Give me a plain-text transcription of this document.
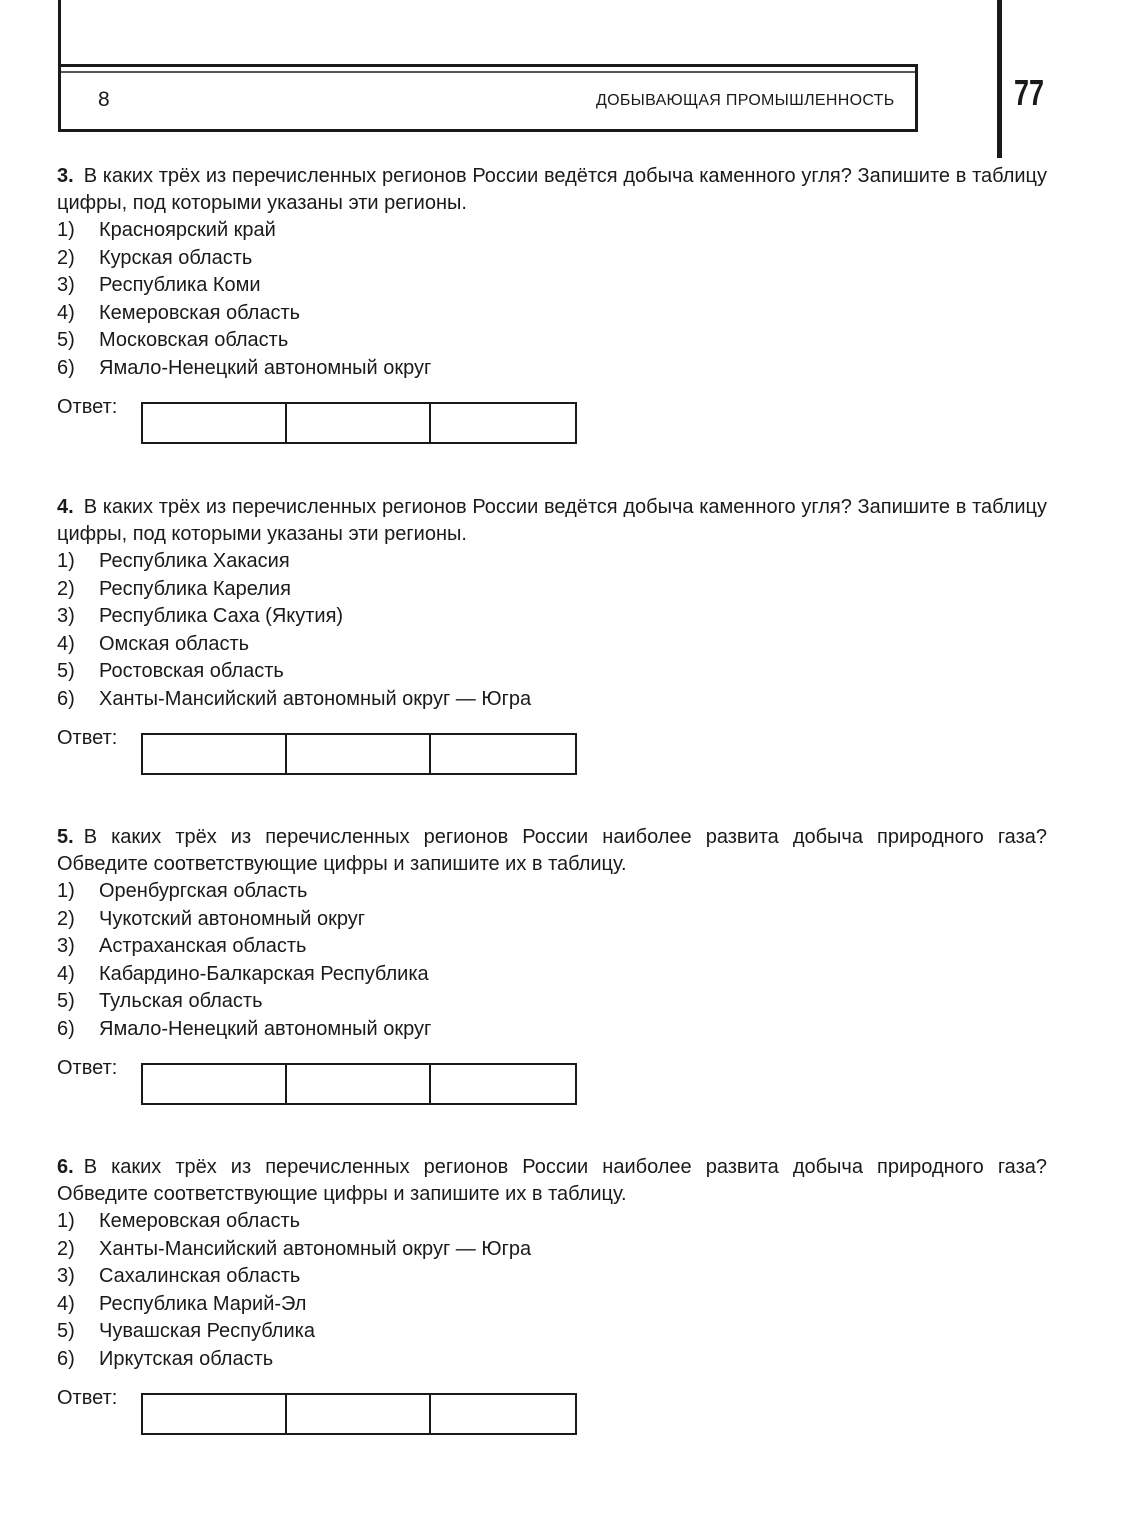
8	ДОБЫВАЮЩАЯ ПРОМЫШЛЕННОСТЬ	77

3. В каких трёх из перечисленных регионов России ведётся добыча каменного угля? Запишите в таблицу цифры, под которыми указаны эти регионы.

1)	Красноярский край
2)	Курская область
3)	Республика Коми
4)	Кемеровская область
5)	Московская область
6)	Ямало-Ненецкий автономный округ
Ответ:

4. В каких трёх из перечисленных регионов России ведётся добыча каменного угля? Запишите в таблицу цифры, под которыми указаны эти регионы.

1)	Республика Хакасия
2)	Республика Карелия
3)	Республика Саха (Якутия)
4)	Омская область
5)	Ростовская область
6)	Ханты-Мансийский автономный округ — Югра
Ответ:

5. В каких трёх из перечисленных регионов России наиболее развита добыча природного газа? Обведите соответствующие цифры и запишите их в таблицу.

1)	Оренбургская область
2)	Чукотский автономный округ
3)	Астраханская область
4)	Кабардино-Балкарская Республика
5)	Тульская область
6)	Ямало-Ненецкий автономный округ
Ответ:

6. В каких трёх из перечисленных регионов России наиболее развита добыча природного газа? Обведите соответствующие цифры и запишите их в таблицу.

1)	Кемеровская область
2)	Ханты-Мансийский автономный округ — Югра
3)	Сахалинская область
4)	Республика Марий-Эл
5)	Чувашская Республика
6)	Иркутская область
Ответ:
